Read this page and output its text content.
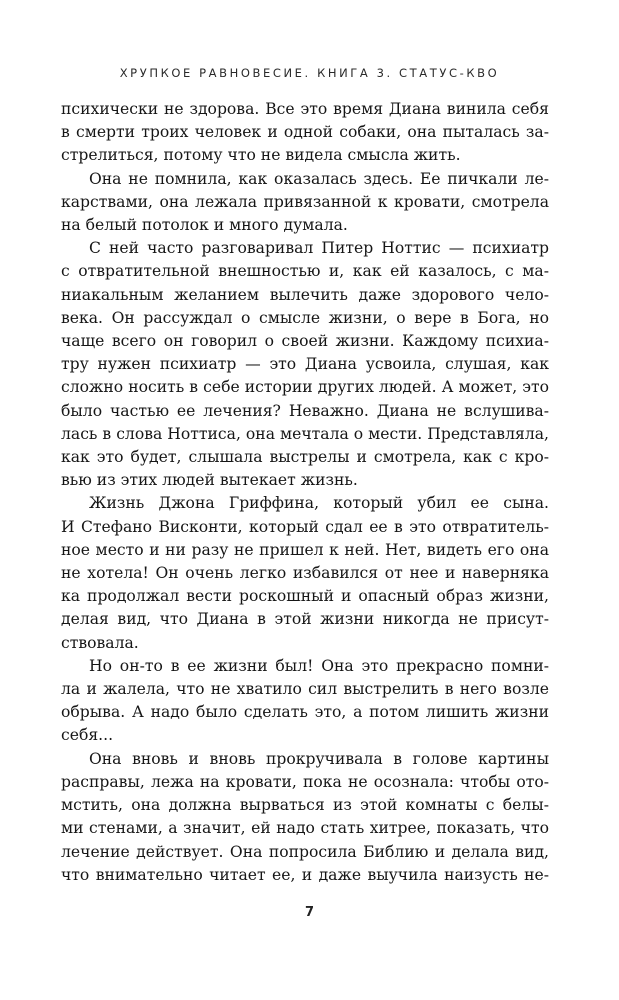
ХРУПКОЕ РАВНОВЕСИЕ. КНИГА 3. СТАТУС-КВО
психически не здорова. Все это время Диана винила себя
в смерти троих человек и одной собаки, она пыталась за-
стрелиться, потому что не видела смысла жить.
Она не помнила, как оказалась здесь. Ее пичкали ле-
карствами, она лежала привязанной к кровати, смотрела
на белый потолок и много думала.
С ней часто разговаривал Питер Ноттис — психиатр
с отвратительной внешностью и, как ей казалось, с ма-
ниакальным желанием вылечить даже здорового чело-
века. Он рассуждал о смысле жизни, о вере в Бога, но
чаще всего он говорил о своей жизни. Каждому психиа-
тру нужен психиатр — это Диана усвоила, слушая, как
сложно носить в себе истории других людей. А может, это
было частью ее лечения? Неважно. Диана не вслушива-
лась в слова Ноттиса, она мечтала о мести. Представляла,
как это будет, слышала выстрелы и смотрела, как с кро-
вью из этих людей вытекает жизнь.
Жизнь Джона Гриффина, который убил ее сына.
И Стефано Висконти, который сдал ее в это отвратитель-
ное место и ни разу не пришел к ней. Нет, видеть его она
не хотела! Он очень легко избавился от нее и навернякa
ка продолжал вести роскошный и опасный образ жизни,
делая вид, что Диана в этой жизни никогда не присут-
ствовала.
Но он-то в ее жизни был! Она это прекрасно помни-
ла и жалела, что не хватило сил выстрелить в него возле
обрыва. А надо было сделать это, а потом лишить жизни
себя...
Она вновь и вновь прокручивала в голове картины
расправы, лежа на кровати, пока не осознала: чтобы ото-
мстить, она должна вырваться из этой комнаты с белы-
ми стенами, а значит, ей надо стать хитрее, показать, что
лечение действует. Она попросила Библию и делала вид,
что внимательно читает ее, и даже выучила наизусть не-
7
